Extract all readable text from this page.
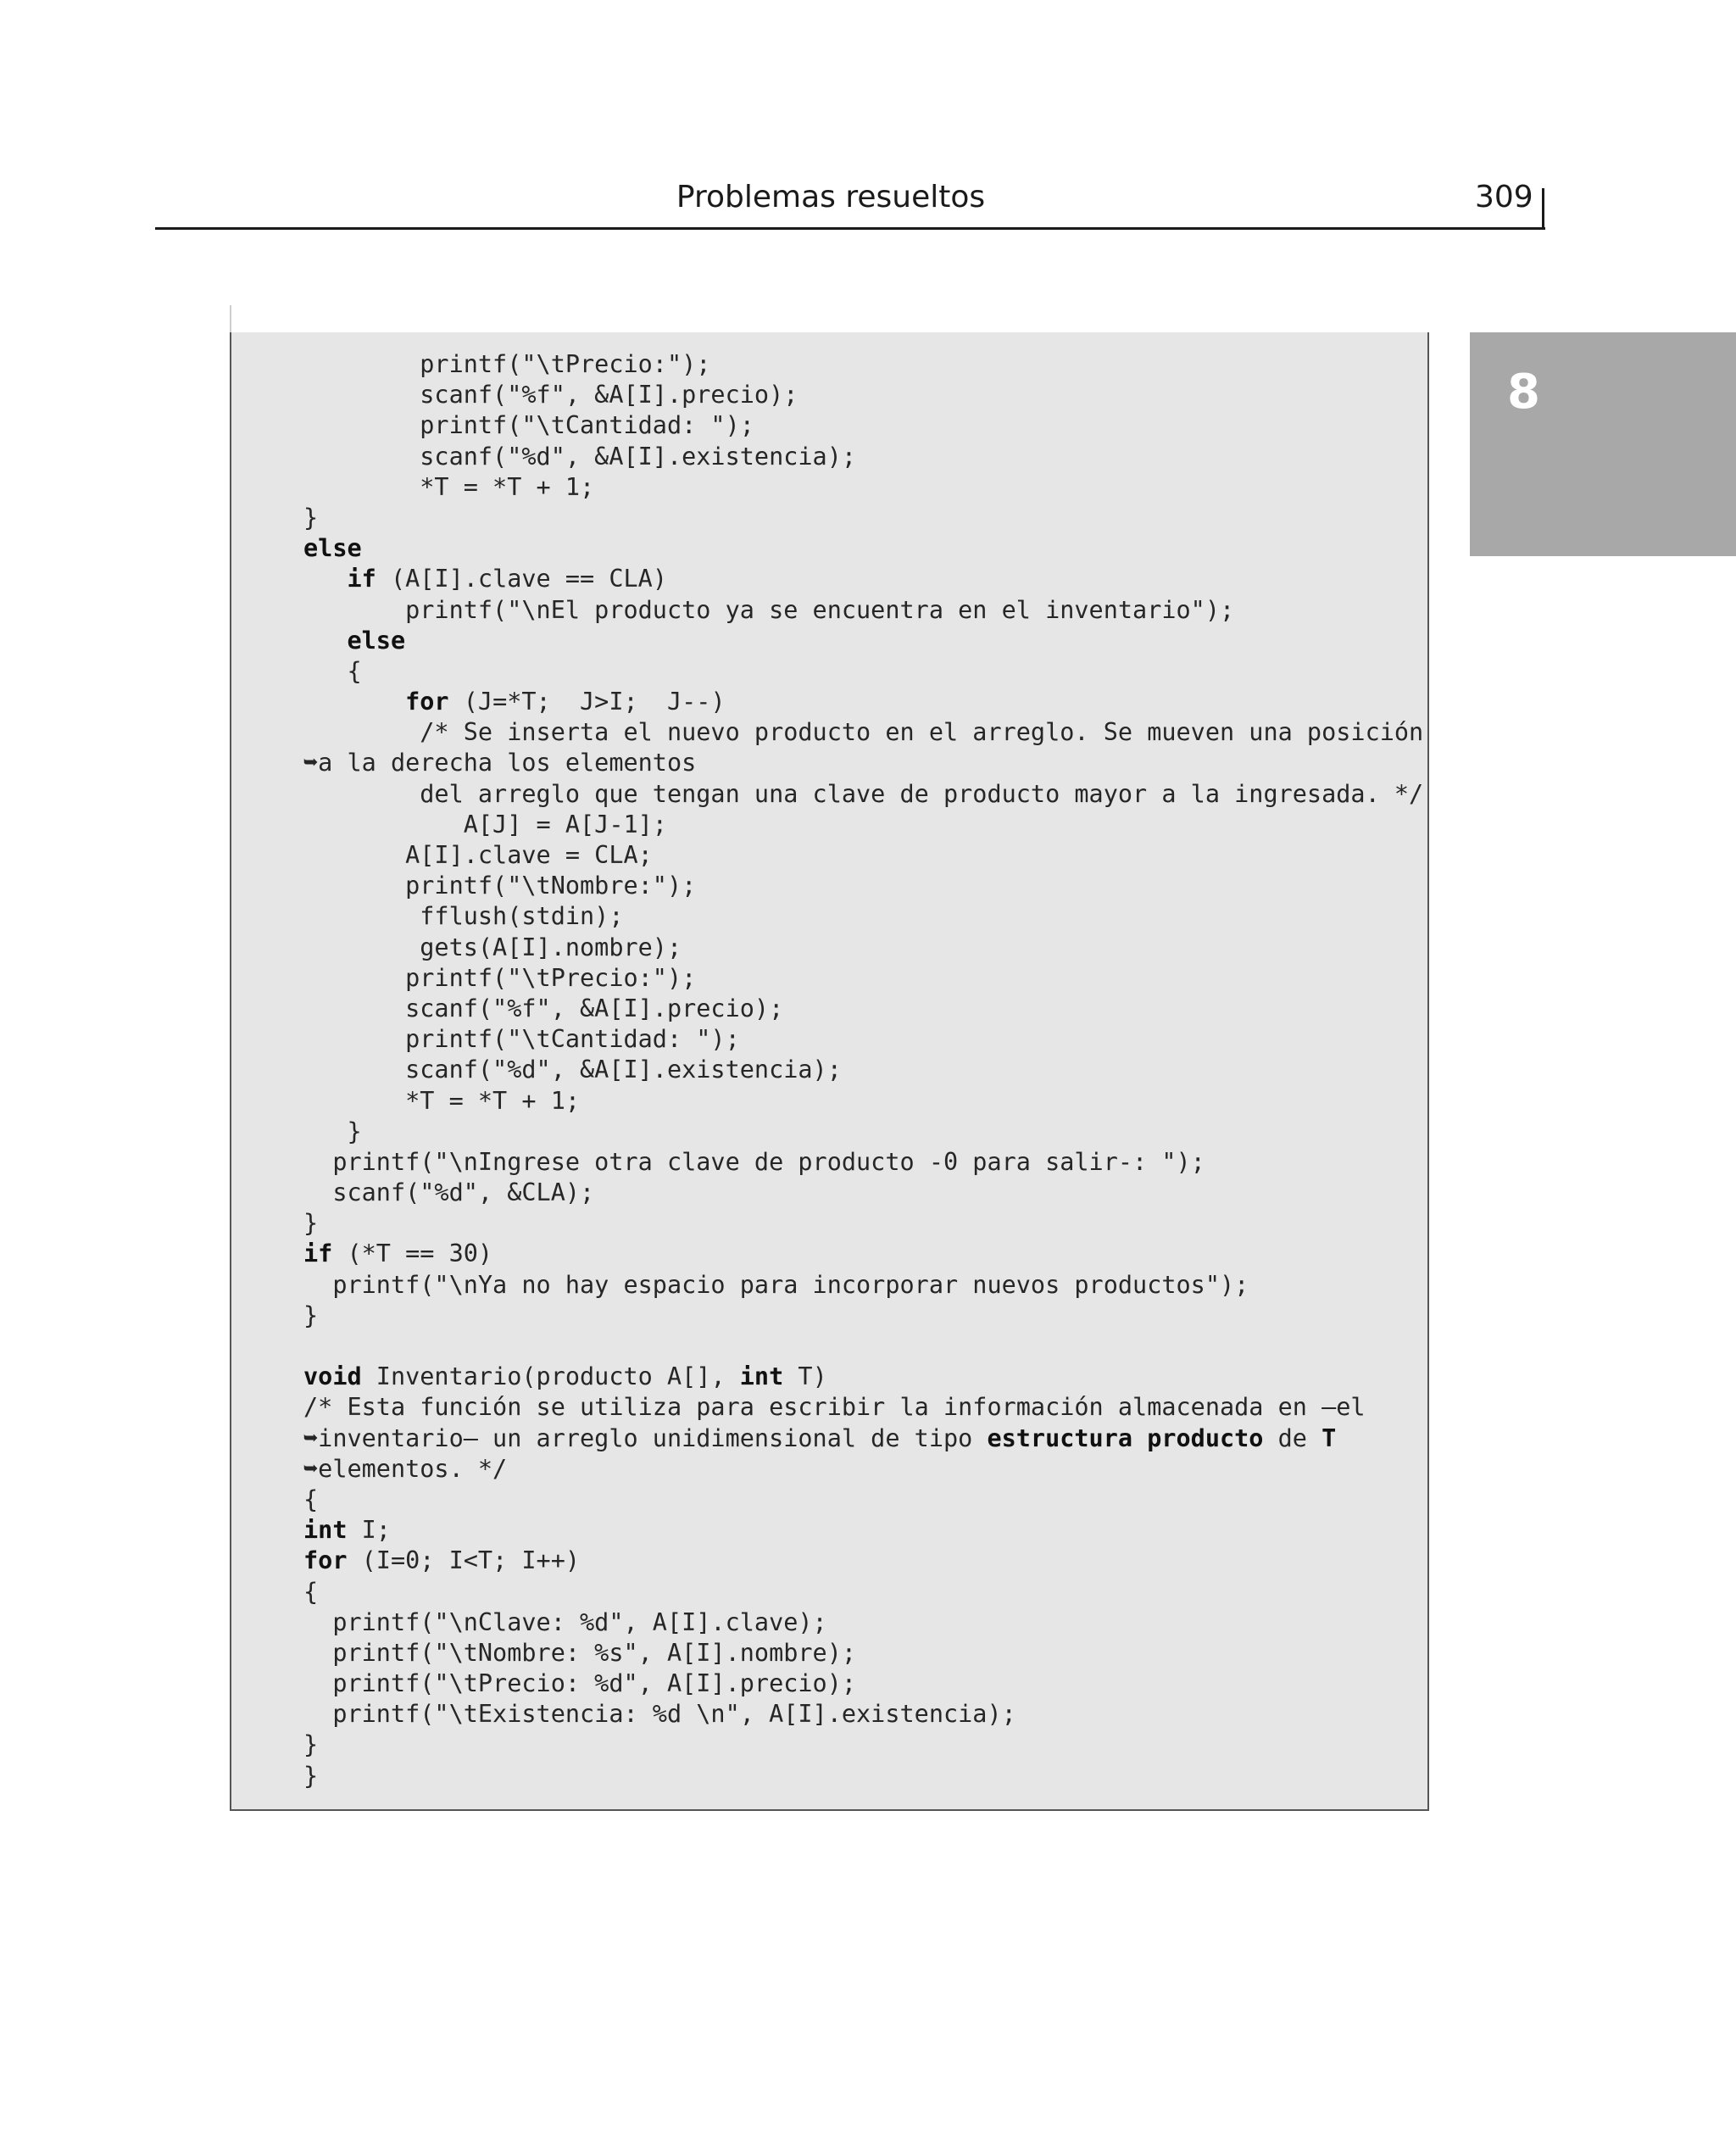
Problemas resueltos	309
8
printf("\tPrecio:");
scanf("%f", &A[I].precio);
printf("\tCantidad: ");
scanf("%d", &A[I].existencia);
*T = *T + 1;
}
else
if (A[I].clave == CLA)
printf("\nEl producto ya se encuentra en el inventario");
else
{
for (J=*T;  J>I;  J--)
/* Se inserta el nuevo producto en el arreglo. Se mueven una posición
➥a la derecha los elementos
del arreglo que tengan una clave de producto mayor a la ingresada. */
A[J] = A[J-1];
A[I].clave = CLA;
printf("\tNombre:");
fflush(stdin);
gets(A[I].nombre);
printf("\tPrecio:");
scanf("%f", &A[I].precio);
printf("\tCantidad: ");
scanf("%d", &A[I].existencia);
*T = *T + 1;
}
printf("\nIngrese otra clave de producto -0 para salir-: ");
scanf("%d", &CLA);
}
if (*T == 30)
printf("\nYa no hay espacio para incorporar nuevos productos");
}
void Inventario(producto A[], int T)
/* Esta función se utiliza para escribir la información almacenada en —el
➥inventario— un arreglo unidimensional de tipo estructura producto de T
➥elementos. */
{
int I;
for (I=0; I<T; I++)
{
printf("\nClave: %d", A[I].clave);
printf("\tNombre: %s", A[I].nombre);
printf("\tPrecio: %d", A[I].precio);
printf("\tExistencia: %d \n", A[I].existencia);
}
}
